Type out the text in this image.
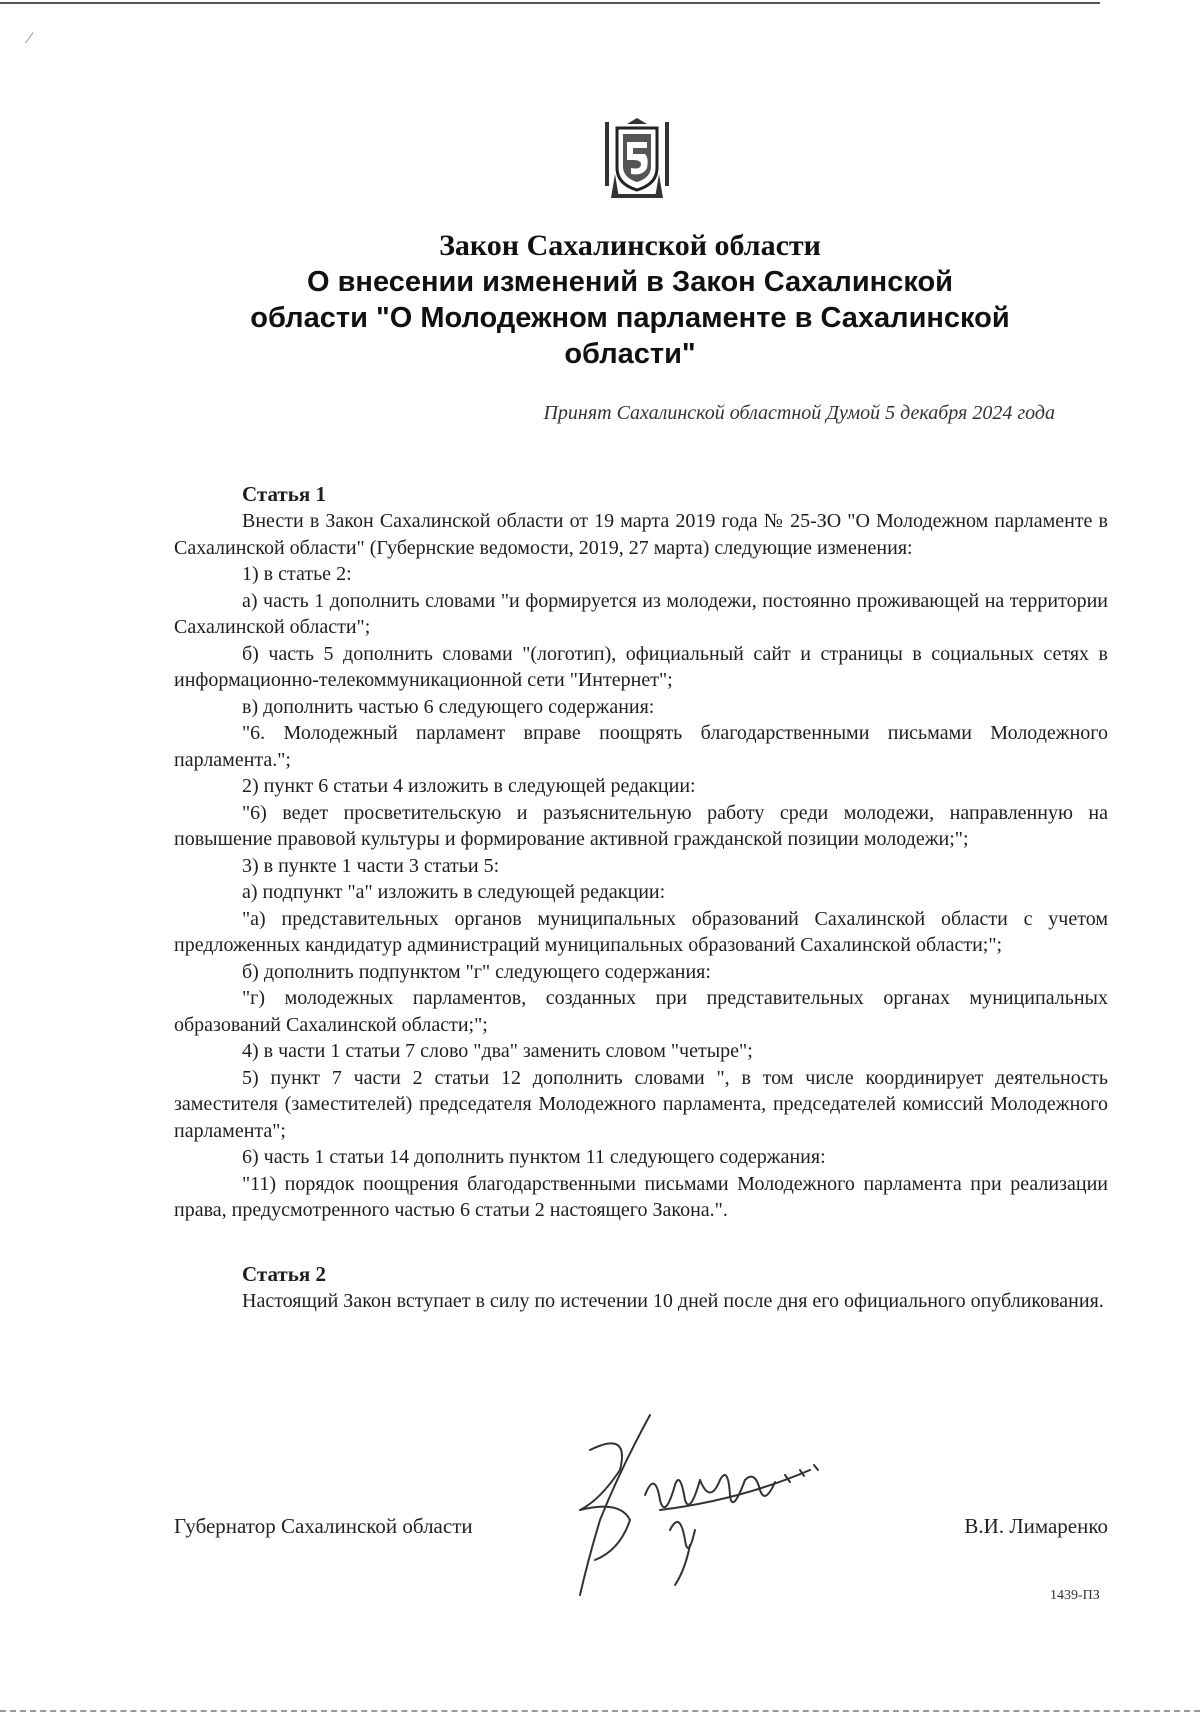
⁄
Закон Сахалинской области
О внесении изменений в Закон Сахалинской
области "О Молодежном парламенте в Сахалинской
области"
Принят Сахалинской областной Думой 5 декабря 2024 года

Статья 1

Внести в Закон Сахалинской области от 19 марта 2019 года № 25-ЗО "О Молодежном парламенте в Сахалинской области" (Губернские ведомости, 2019, 27 марта) следующие изменения:

1) в статье 2:

а) часть 1 дополнить словами "и формируется из молодежи, постоянно проживающей на территории Сахалинской области";

б) часть 5 дополнить словами "(логотип), официальный сайт и страницы в социальных сетях в информационно-телекоммуникационной сети "Интернет";

в) дополнить частью 6 следующего содержания:

"6. Молодежный парламент вправе поощрять благодарственными письмами Молодежного парламента.";

2) пункт 6 статьи 4 изложить в следующей редакции:

"6) ведет просветительскую и разъяснительную работу среди молодежи, направленную на повышение правовой культуры и формирование активной гражданской позиции молодежи;";

3) в пункте 1 части 3 статьи 5:

а) подпункт "а" изложить в следующей редакции:

"а) представительных органов муниципальных образований Сахалинской области с учетом предложенных кандидатур администраций муниципальных образований Сахалинской области;";

б) дополнить подпунктом "г" следующего содержания:

"г) молодежных парламентов, созданных при представительных органах муниципальных образований Сахалинской области;";

4) в части 1 статьи 7 слово "два" заменить словом "четыре";

5) пункт 7 части 2 статьи 12 дополнить словами ", в том числе координирует деятельность заместителя (заместителей) председателя Молодежного парламента, председателей комиссий Молодежного парламента";

6) часть 1 статьи 14 дополнить пунктом 11 следующего содержания:

"11) порядок поощрения благодарственными письмами Молодежного парламента при реализации права, предусмотренного частью 6 статьи 2 настоящего Закона.".

Статья 2

Настоящий Закон вступает в силу по истечении 10 дней после дня его официального опубликования.

Губернатор Сахалинской области	В.И. Лимаренко
1439-ПЗ
